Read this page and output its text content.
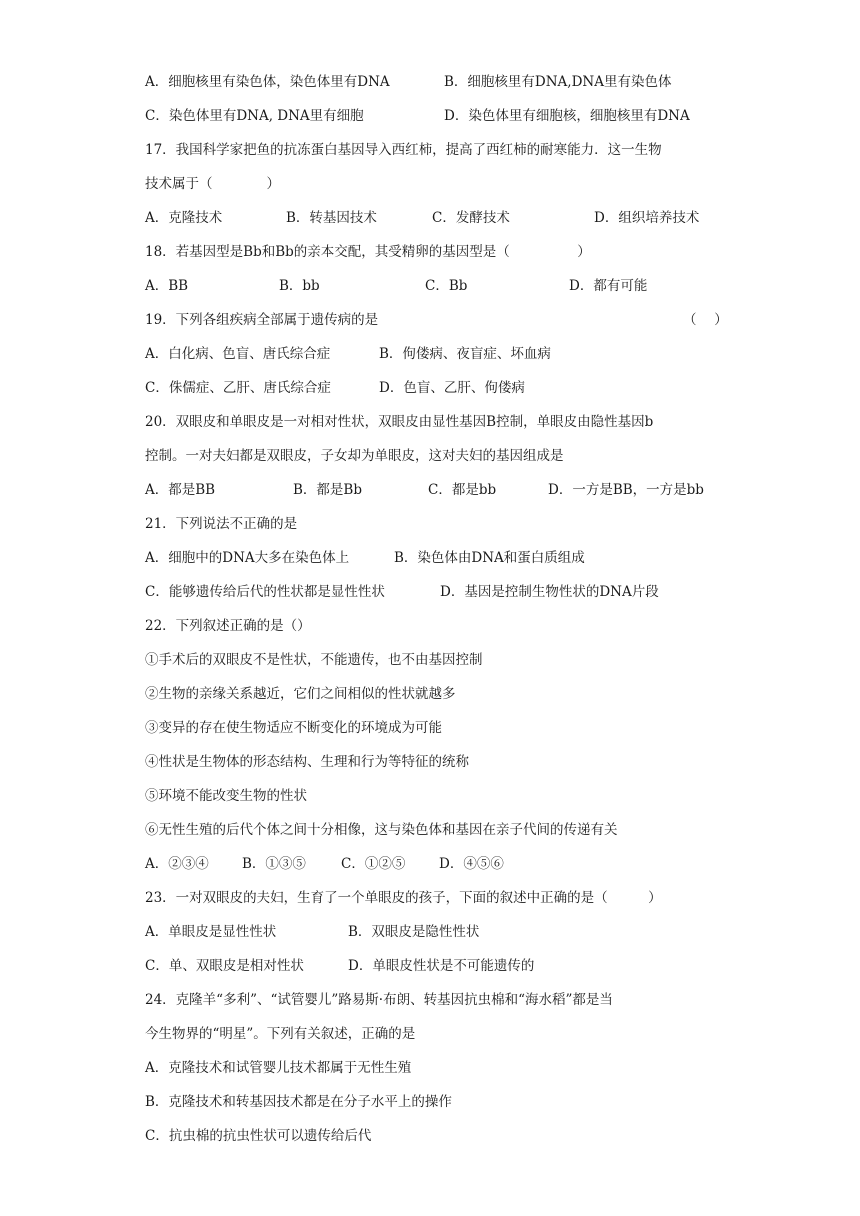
A．细胞核里有染色体，染色体里有DNA	B．细胞核里有DNA,DNA里有染色体
C．染色体里有DNA, DNA里有细胞	D．染色体里有细胞核，细胞核里有DNA
17．我国科学家把鱼的抗冻蛋白基因导入西红柿，提高了西红柿的耐寒能力．这一生物
技术属于（　　　　）
A．克隆技术	B．转基因技术	C．发酵技术	D．组织培养技术
18．若基因型是Bb和Bb的亲本交配，其受精卵的基因型是（　　　　　）
A．BB	B．bb	C．Bb	D．都有可能
19．下列各组疾病全部属于遗传病的是	（　 ）
A．白化病、色盲、唐氏综合症	B．佝偻病、夜盲症、坏血病
C．侏儒症、乙肝、唐氏综合症	D．色盲、乙肝、佝偻病
20．双眼皮和单眼皮是一对相对性状，双眼皮由显性基因B控制，单眼皮由隐性基因b
控制。一对夫妇都是双眼皮，子女却为单眼皮，这对夫妇的基因组成是
A．都是BB	B．都是Bb	C．都是bb	D．一方是BB，一方是bb
21．下列说法不正确的是
A．细胞中的DNA大多在染色体上	B．染色体由DNA和蛋白质组成
C．能够遗传给后代的性状都是显性性状	D．基因是控制生物性状的DNA片段
22．下列叙述正确的是（）
①手术后的双眼皮不是性状，不能遗传，也不由基因控制
②生物的亲缘关系越近，它们之间相似的性状就越多
③变异的存在使生物适应不断变化的环境成为可能
④性状是生物体的形态结构、生理和行为等特征的统称
⑤环境不能改变生物的性状
⑥无性生殖的后代个体之间十分相像，这与染色体和基因在亲子代间的传递有关
A．②③④ B．①③⑤	C．①②⑤ D．④⑤⑥
23．一对双眼皮的夫妇，生育了一个单眼皮的孩子，下面的叙述中正确的是（　　　）
A．单眼皮是显性性状	B．双眼皮是隐性性状
C．单、双眼皮是相对性状	D．单眼皮性状是不可能遗传的
24．克隆羊“多利”、“试管婴儿”路易斯·布朗、转基因抗虫棉和“海水稻”都是当
今生物界的“明星”。下列有关叙述，正确的是
A．克隆技术和试管婴儿技术都属于无性生殖
B．克隆技术和转基因技术都是在分子水平上的操作
C．抗虫棉的抗虫性状可以遗传给后代
